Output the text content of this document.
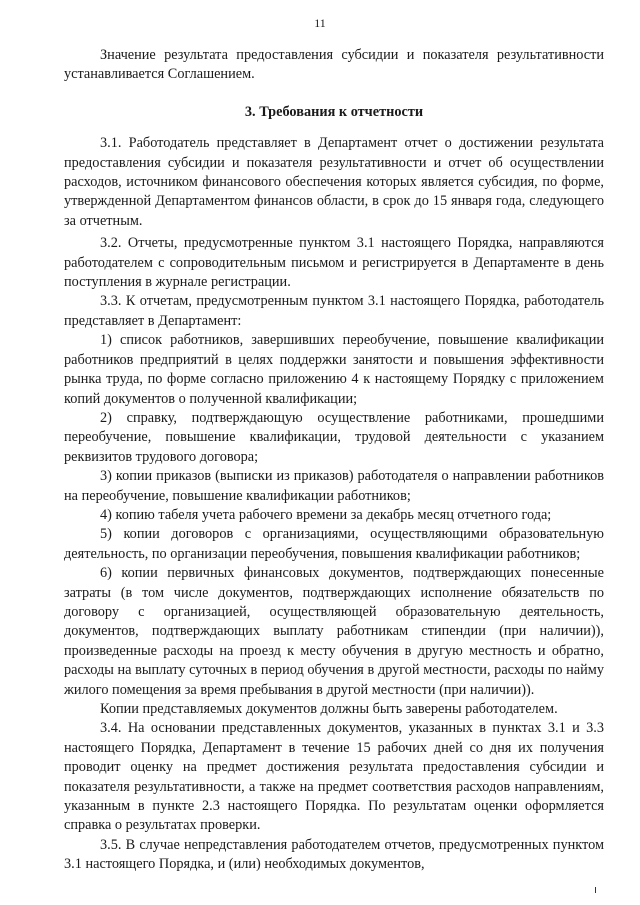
11

Значение результата предоставления субсидии и показателя результативности устанавливается Соглашением.

3. Требования к отчетности

3.1. Работодатель представляет в Департамент отчет о достижении результата предоставления субсидии и показателя результативности и отчет об осуществлении расходов, источником финансового обеспечения которых является субсидия, по форме, утвержденной Департаментом финансов области, в срок до 15 января года, следующего за отчетным.

3.2. Отчеты, предусмотренные пунктом 3.1 настоящего Порядка, направляются работодателем с сопроводительным письмом и регистрируется в Департаменте в день поступления в журнале регистрации.

3.3. К отчетам, предусмотренным пунктом 3.1 настоящего Порядка, работодатель представляет в Департамент:

1) список работников, завершивших переобучение, повышение квалификации работников предприятий в целях поддержки занятости и повышения эффективности рынка труда, по форме согласно приложению 4 к настоящему Порядку с приложением копий документов о полученной квалификации;

2) справку, подтверждающую осуществление работниками, прошедшими переобучение, повышение квалификации, трудовой деятельности с указанием реквизитов трудового договора;

3) копии приказов (выписки из приказов) работодателя о направлении работников на переобучение, повышение квалификации работников;

4) копию табеля учета рабочего времени за декабрь месяц отчетного года;

5) копии договоров с организациями, осуществляющими образовательную деятельность, по организации переобучения, повышения квалификации работников;

6) копии первичных финансовых документов, подтверждающих понесенные затраты (в том числе документов, подтверждающих исполнение обязательств по договору с организацией, осуществляющей образовательную деятельность, документов, подтверждающих выплату работникам стипендии (при наличии)), произведенные расходы на проезд к месту обучения в другую местность и обратно, расходы на выплату суточных в период обучения в другой местности, расходы по найму жилого помещения за время пребывания в другой местности (при наличии)).

Копии представляемых документов должны быть заверены работодателем.

3.4. На основании представленных документов, указанных в пунктах 3.1 и 3.3 настоящего Порядка, Департамент в течение 15 рабочих дней со дня их получения проводит оценку на предмет достижения результата предоставления субсидии и показателя результативности, а также на предмет соответствия расходов направлениям, указанным в пункте 2.3 настоящего Порядка. По результатам оценки оформляется справка о результатах проверки.

3.5. В случае непредставления работодателем отчетов, предусмотренных пунктом 3.1 настоящего Порядка, и (или) необходимых документов,
